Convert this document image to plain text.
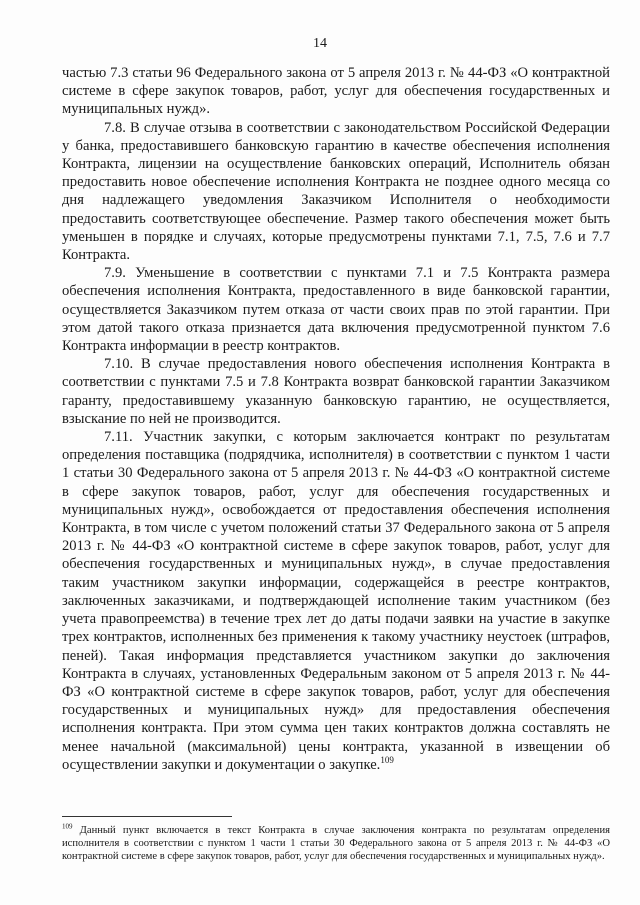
14

частью 7.3 статьи 96 Федерального закона от 5 апреля 2013 г. № 44-ФЗ «О контрактной системе в сфере закупок товаров, работ, услуг для обеспечения государственных и муниципальных нужд».

7.8. В случае отзыва в соответствии с законодательством Российской Федерации у банка, предоставившего банковскую гарантию в качестве обеспечения исполнения Контракта, лицензии на осуществление банковских операций, Исполнитель обязан предоставить новое обеспечение исполнения Контракта не позднее одного месяца со дня надлежащего уведомления Заказчиком Исполнителя о необходимости предоставить соответствующее обеспечение. Размер такого обеспечения может быть уменьшен в порядке и случаях, которые предусмотрены пунктами 7.1, 7.5, 7.6 и 7.7 Контракта.

7.9. Уменьшение в соответствии с пунктами 7.1 и 7.5 Контракта размера обеспечения исполнения Контракта, предоставленного в виде банковской гарантии, осуществляется Заказчиком путем отказа от части своих прав по этой гарантии. При этом датой такого отказа признается дата включения предусмотренной пунктом 7.6 Контракта информации в реестр контрактов.

7.10. В случае предоставления нового обеспечения исполнения Контракта в соответствии с пунктами 7.5 и 7.8 Контракта возврат банковской гарантии Заказчиком гаранту, предоставившему указанную банковскую гарантию, не осуществляется, взыскание по ней не производится.

7.11. Участник закупки, с которым заключается контракт по результатам определения поставщика (подрядчика, исполнителя) в соответствии с пунктом 1 части 1 статьи 30 Федерального закона от 5 апреля 2013 г. № 44-ФЗ «О контрактной системе в сфере закупок товаров, работ, услуг для обеспечения государственных и муниципальных нужд», освобождается от предоставления обеспечения исполнения Контракта, в том числе с учетом положений статьи 37 Федерального закона от 5 апреля 2013 г. № 44-ФЗ «О контрактной системе в сфере закупок товаров, работ, услуг для обеспечения государственных и муниципальных нужд», в случае предоставления таким участником закупки информации, содержащейся в реестре контрактов, заключенных заказчиками, и подтверждающей исполнение таким участником (без учета правопреемства) в течение трех лет до даты подачи заявки на участие в закупке трех контрактов, исполненных без применения к такому участнику неустоек (штрафов, пеней). Такая информация представляется участником закупки до заключения Контракта в случаях, установленных Федеральным законом от 5 апреля 2013 г. № 44-ФЗ «О контрактной системе в сфере закупок товаров, работ, услуг для обеспечения государственных и муниципальных нужд» для предоставления обеспечения исполнения контракта. При этом сумма цен таких контрактов должна составлять не менее начальной (максимальной) цены контракта, указанной в извещении об осуществлении закупки и документации о закупке.$^{109}$

$^{109}$ Данный пункт включается в текст Контракта в случае заключения контракта по результатам определения исполнителя в соответствии с пунктом 1 части 1 статьи 30 Федерального закона от 5 апреля 2013 г. № 44-ФЗ «О контрактной системе в сфере закупок товаров, работ, услуг для обеспечения государственных и муниципальных нужд».
